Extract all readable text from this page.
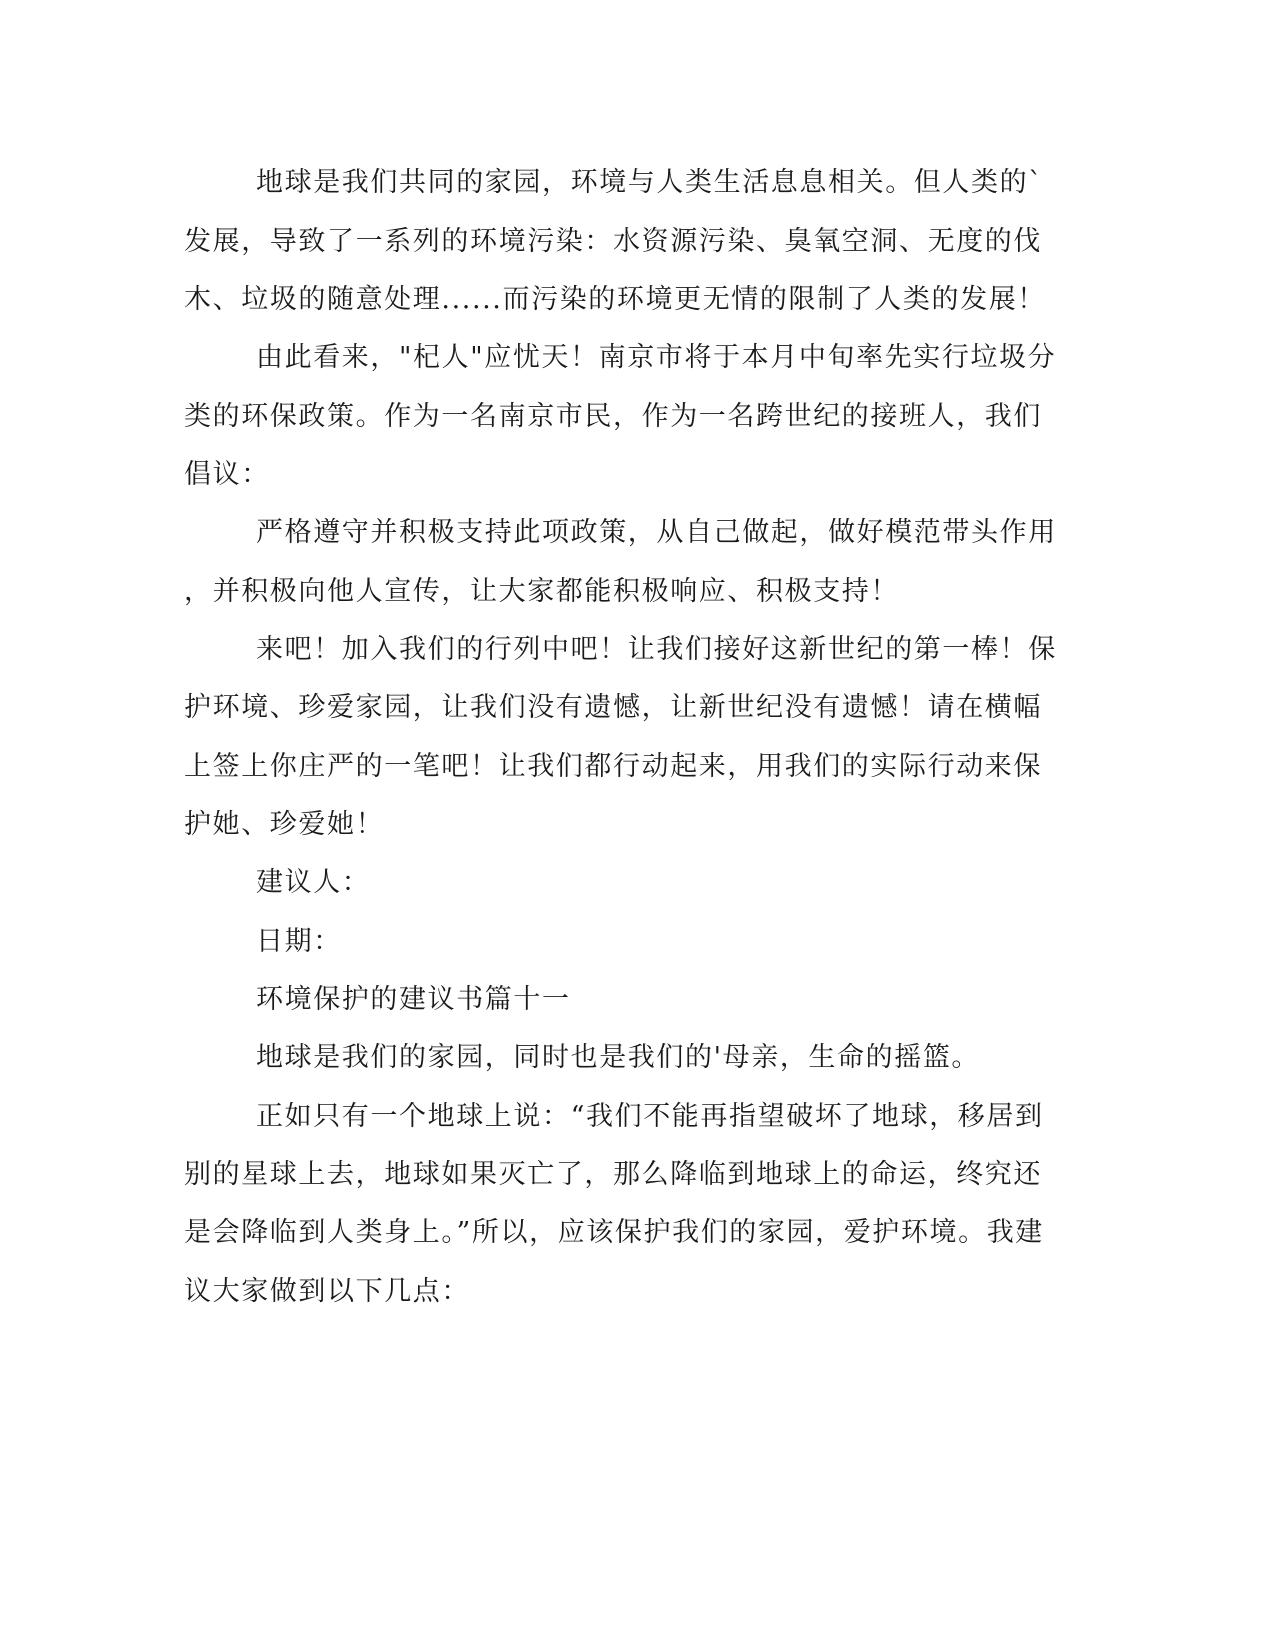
地球是我们共同的家园，环境与人类生活息息相关。但人类的`
发展，导致了一系列的环境污染：水资源污染、臭氧空洞、无度的伐
木、垃圾的随意处理......而污染的环境更无情的限制了人类的发展！
由此看来，"杞人"应忧天！南京市将于本月中旬率先实行垃圾分
类的环保政策。作为一名南京市民，作为一名跨世纪的接班人，我们
倡议：
严格遵守并积极支持此项政策，从自己做起，做好模范带头作用
，并积极向他人宣传，让大家都能积极响应、积极支持！
来吧！加入我们的行列中吧！让我们接好这新世纪的第一棒！保
护环境、珍爱家园，让我们没有遗憾，让新世纪没有遗憾！请在横幅
上签上你庄严的一笔吧！让我们都行动起来，用我们的实际行动来保
护她、珍爱她！
建议人：
日期：
环境保护的建议书篇十一
地球是我们的家园，同时也是我们的'母亲，生命的摇篮。
正如只有一个地球上说：“我们不能再指望破坏了地球，移居到
别的星球上去，地球如果灭亡了，那么降临到地球上的命运，终究还
是会降临到人类身上。”所以，应该保护我们的家园，爱护环境。我建
议大家做到以下几点：
